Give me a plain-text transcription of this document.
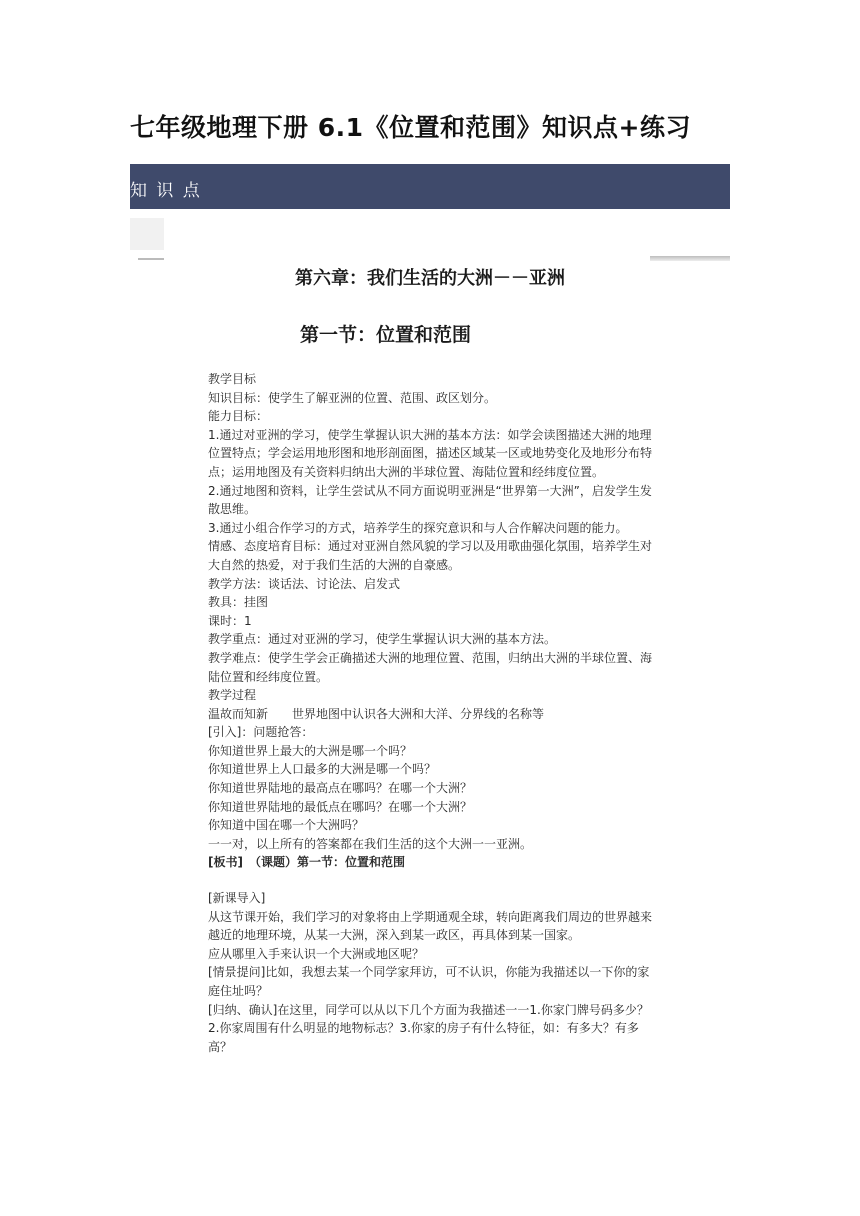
七年级地理下册 6.1《位置和范围》知识点+练习
知 识 点
第六章：我们生活的大洲－－亚洲
第一节：位置和范围

教学目标

知识目标：使学生了解亚洲的位置、范围、政区划分。

能力目标：

1.通过对亚洲的学习，使学生掌握认识大洲的基本方法：如学会读图描述大洲的地理位置特点；学会运用地形图和地形剖面图，描述区域某一区或地势变化及地形分布特点；运用地图及有关资料归纳出大洲的半球位置、海陆位置和经纬度位置。

2.通过地图和资料，让学生尝试从不同方面说明亚洲是“世界第一大洲”，启发学生发散思维。

3.通过小组合作学习的方式，培养学生的探究意识和与人合作解决问题的能力。

情感、态度培育目标：通过对亚洲自然风貌的学习以及用歌曲强化氛围，培养学生对大自然的热爱，对于我们生活的大洲的自豪感。

教学方法：谈话法、讨论法、启发式

教具：挂图

课时：1

教学重点：通过对亚洲的学习，使学生掌握认识大洲的基本方法。

教学难点：使学生学会正确描述大洲的地理位置、范围，归纳出大洲的半球位置、海陆位置和经纬度位置。

教学过程

温故而知新　　世界地图中认识各大洲和大洋、分界线的名称等

[引入]：问题抢答：

你知道世界上最大的大洲是哪一个吗？

你知道世界上人口最多的大洲是哪一个吗？

你知道世界陆地的最高点在哪吗？在哪一个大洲？

你知道世界陆地的最低点在哪吗？在哪一个大洲？

你知道中国在哪一个大洲吗？

一一对，以上所有的答案都在我们生活的这个大洲一一亚洲。

[板书]　（课题）第一节：位置和范围

[新课导入]

从这节课开始，我们学习的对象将由上学期通观全球，转向距离我们周边的世界越来越近的地理环境，从某一大洲，深入到某一政区，再具体到某一国家。

应从哪里入手来认识一个大洲或地区呢？

[情景提问]比如，我想去某一个同学家拜访，可不认识，你能为我描述以一下你的家庭住址吗？

[归纳、确认]在这里，同学可以从以下几个方面为我描述一一1.你家门牌号码多少？2.你家周围有什么明显的地物标志？3.你家的房子有什么特征，如：有多大？有多高？
